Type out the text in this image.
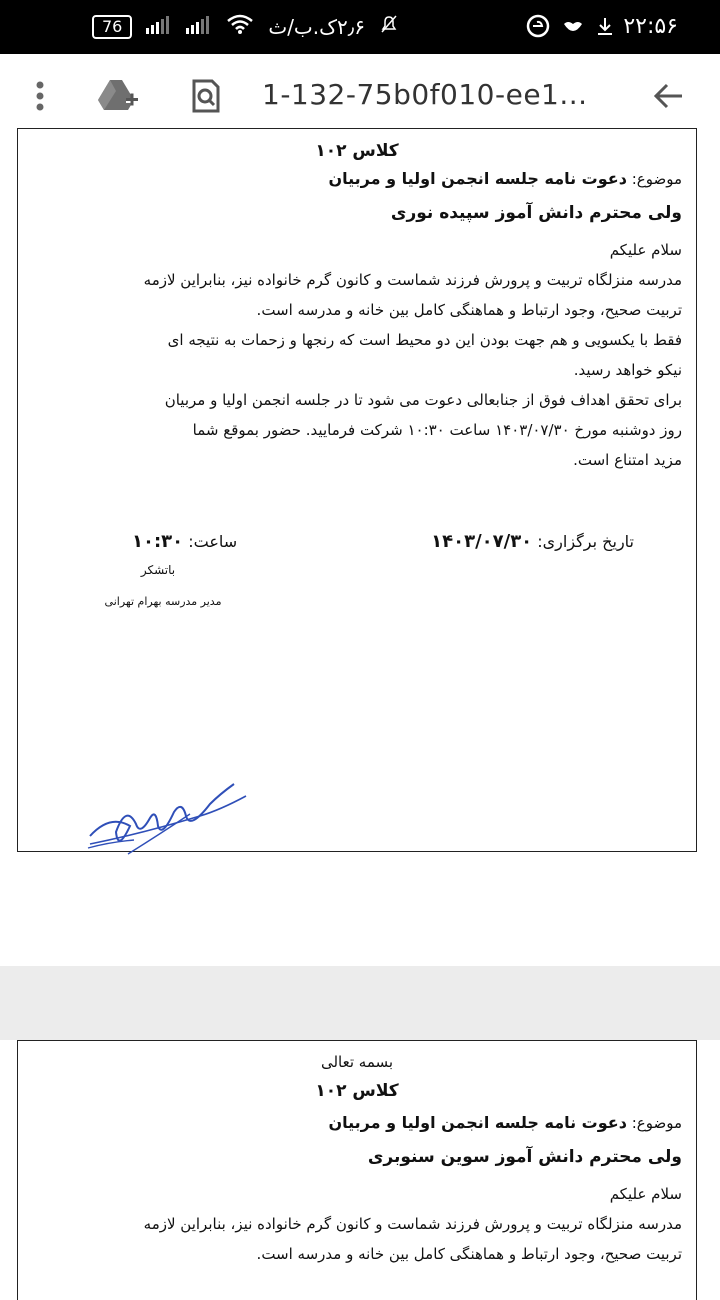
76	۲٫۶ک.ب/ث	۲۲:۵۶
1-132-75b0f010-ee1...
کلاس ۱۰۲
موضوع: دعوت نامه جلسه انجمن اولیا و مربیان
ولی محترم دانش آموز سپیده نوری
سلام علیکم
مدرسه منزلگاه تربیت و پرورش فرزند شماست و کانون گرم خانواده نیز، بنابراین لازمه
تربیت صحیح، وجود ارتباط و هماهنگی کامل بین خانه و مدرسه است.
فقط با یکسویی و هم جهت بودن این دو محیط است که رنجها و زحمات به نتیجه ای
نیکو خواهد رسید.
برای تحقق اهداف فوق از جنابعالی دعوت می شود تا در جلسه انجمن اولیا و مربیان
روز دوشنبه مورخ ۱۴۰۳/۰۷/۳۰ ساعت ۱۰:۳۰ شرکت فرمایید. حضور بموقع شما
مزید امتناع است.
تاریخ برگزاری: ۱۴۰۳/۰۷/۳۰
ساعت: ۱۰:۳۰
باتشکر
مدیر مدرسه بهرام تهرانی
بسمه تعالی
کلاس ۱۰۲
موضوع: دعوت نامه جلسه انجمن اولیا و مربیان
ولی محترم دانش آموز سوین سنوبری
سلام علیکم
مدرسه منزلگاه تربیت و پرورش فرزند شماست و کانون گرم خانواده نیز، بنابراین لازمه
تربیت صحیح، وجود ارتباط و هماهنگی کامل بین خانه و مدرسه است.
